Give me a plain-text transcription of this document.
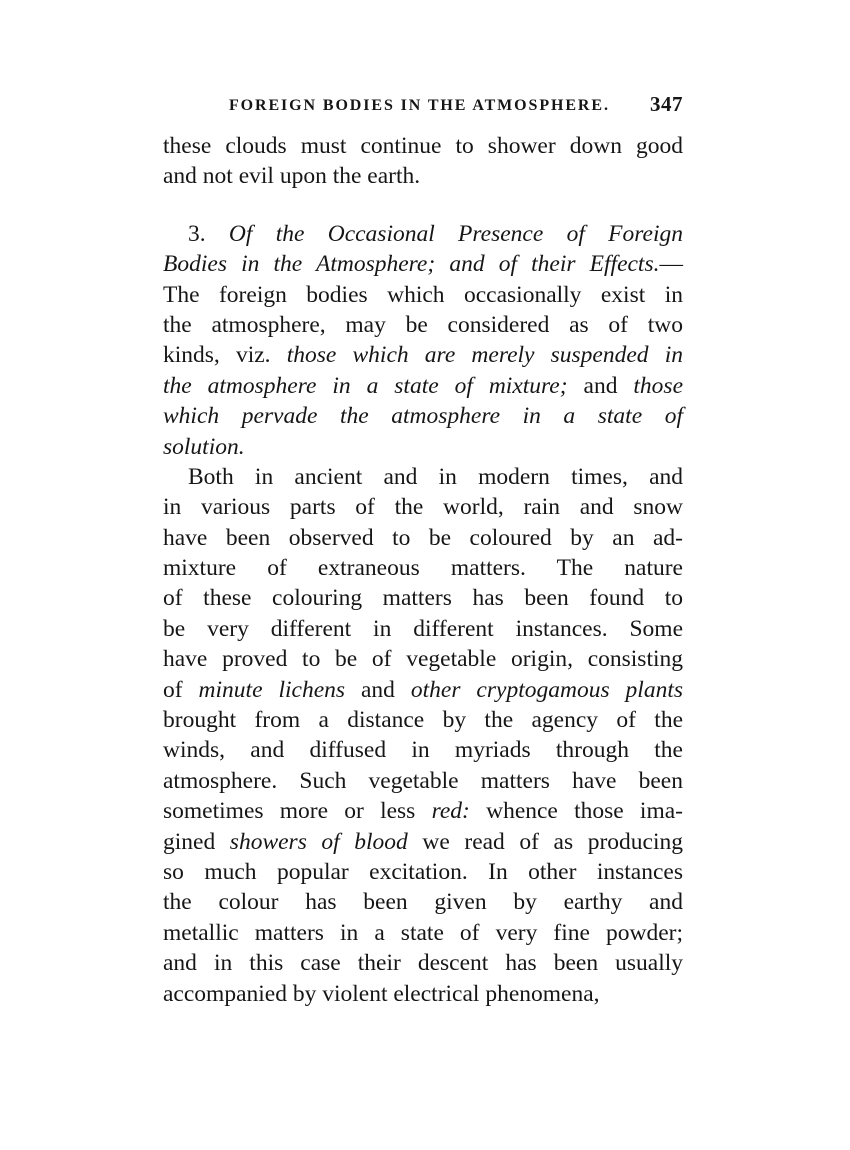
FOREIGN BODIES IN THE ATMOSPHERE. 347
these clouds must continue to shower down good
and not evil upon the earth.
3. Of the Occasional Presence of Foreign
Bodies in the Atmosphere; and of their Effects.—
The foreign bodies which occasionally exist in
the atmosphere, may be considered as of two
kinds, viz. those which are merely suspended in
the atmosphere in a state of mixture; and those
which pervade the atmosphere in a state of
solution.
Both in ancient and in modern times, and
in various parts of the world, rain and snow
have been observed to be coloured by an ad-
mixture of extraneous matters. The nature
of these colouring matters has been found to
be very different in different instances. Some
have proved to be of vegetable origin, consisting
of minute lichens and other cryptogamous plants
brought from a distance by the agency of the
winds, and diffused in myriads through the
atmosphere. Such vegetable matters have been
sometimes more or less red: whence those ima-
gined showers of blood we read of as producing
so much popular excitation. In other instances
the colour has been given by earthy and
metallic matters in a state of very fine powder;
and in this case their descent has been usually
accompanied by violent electrical phenomena,
